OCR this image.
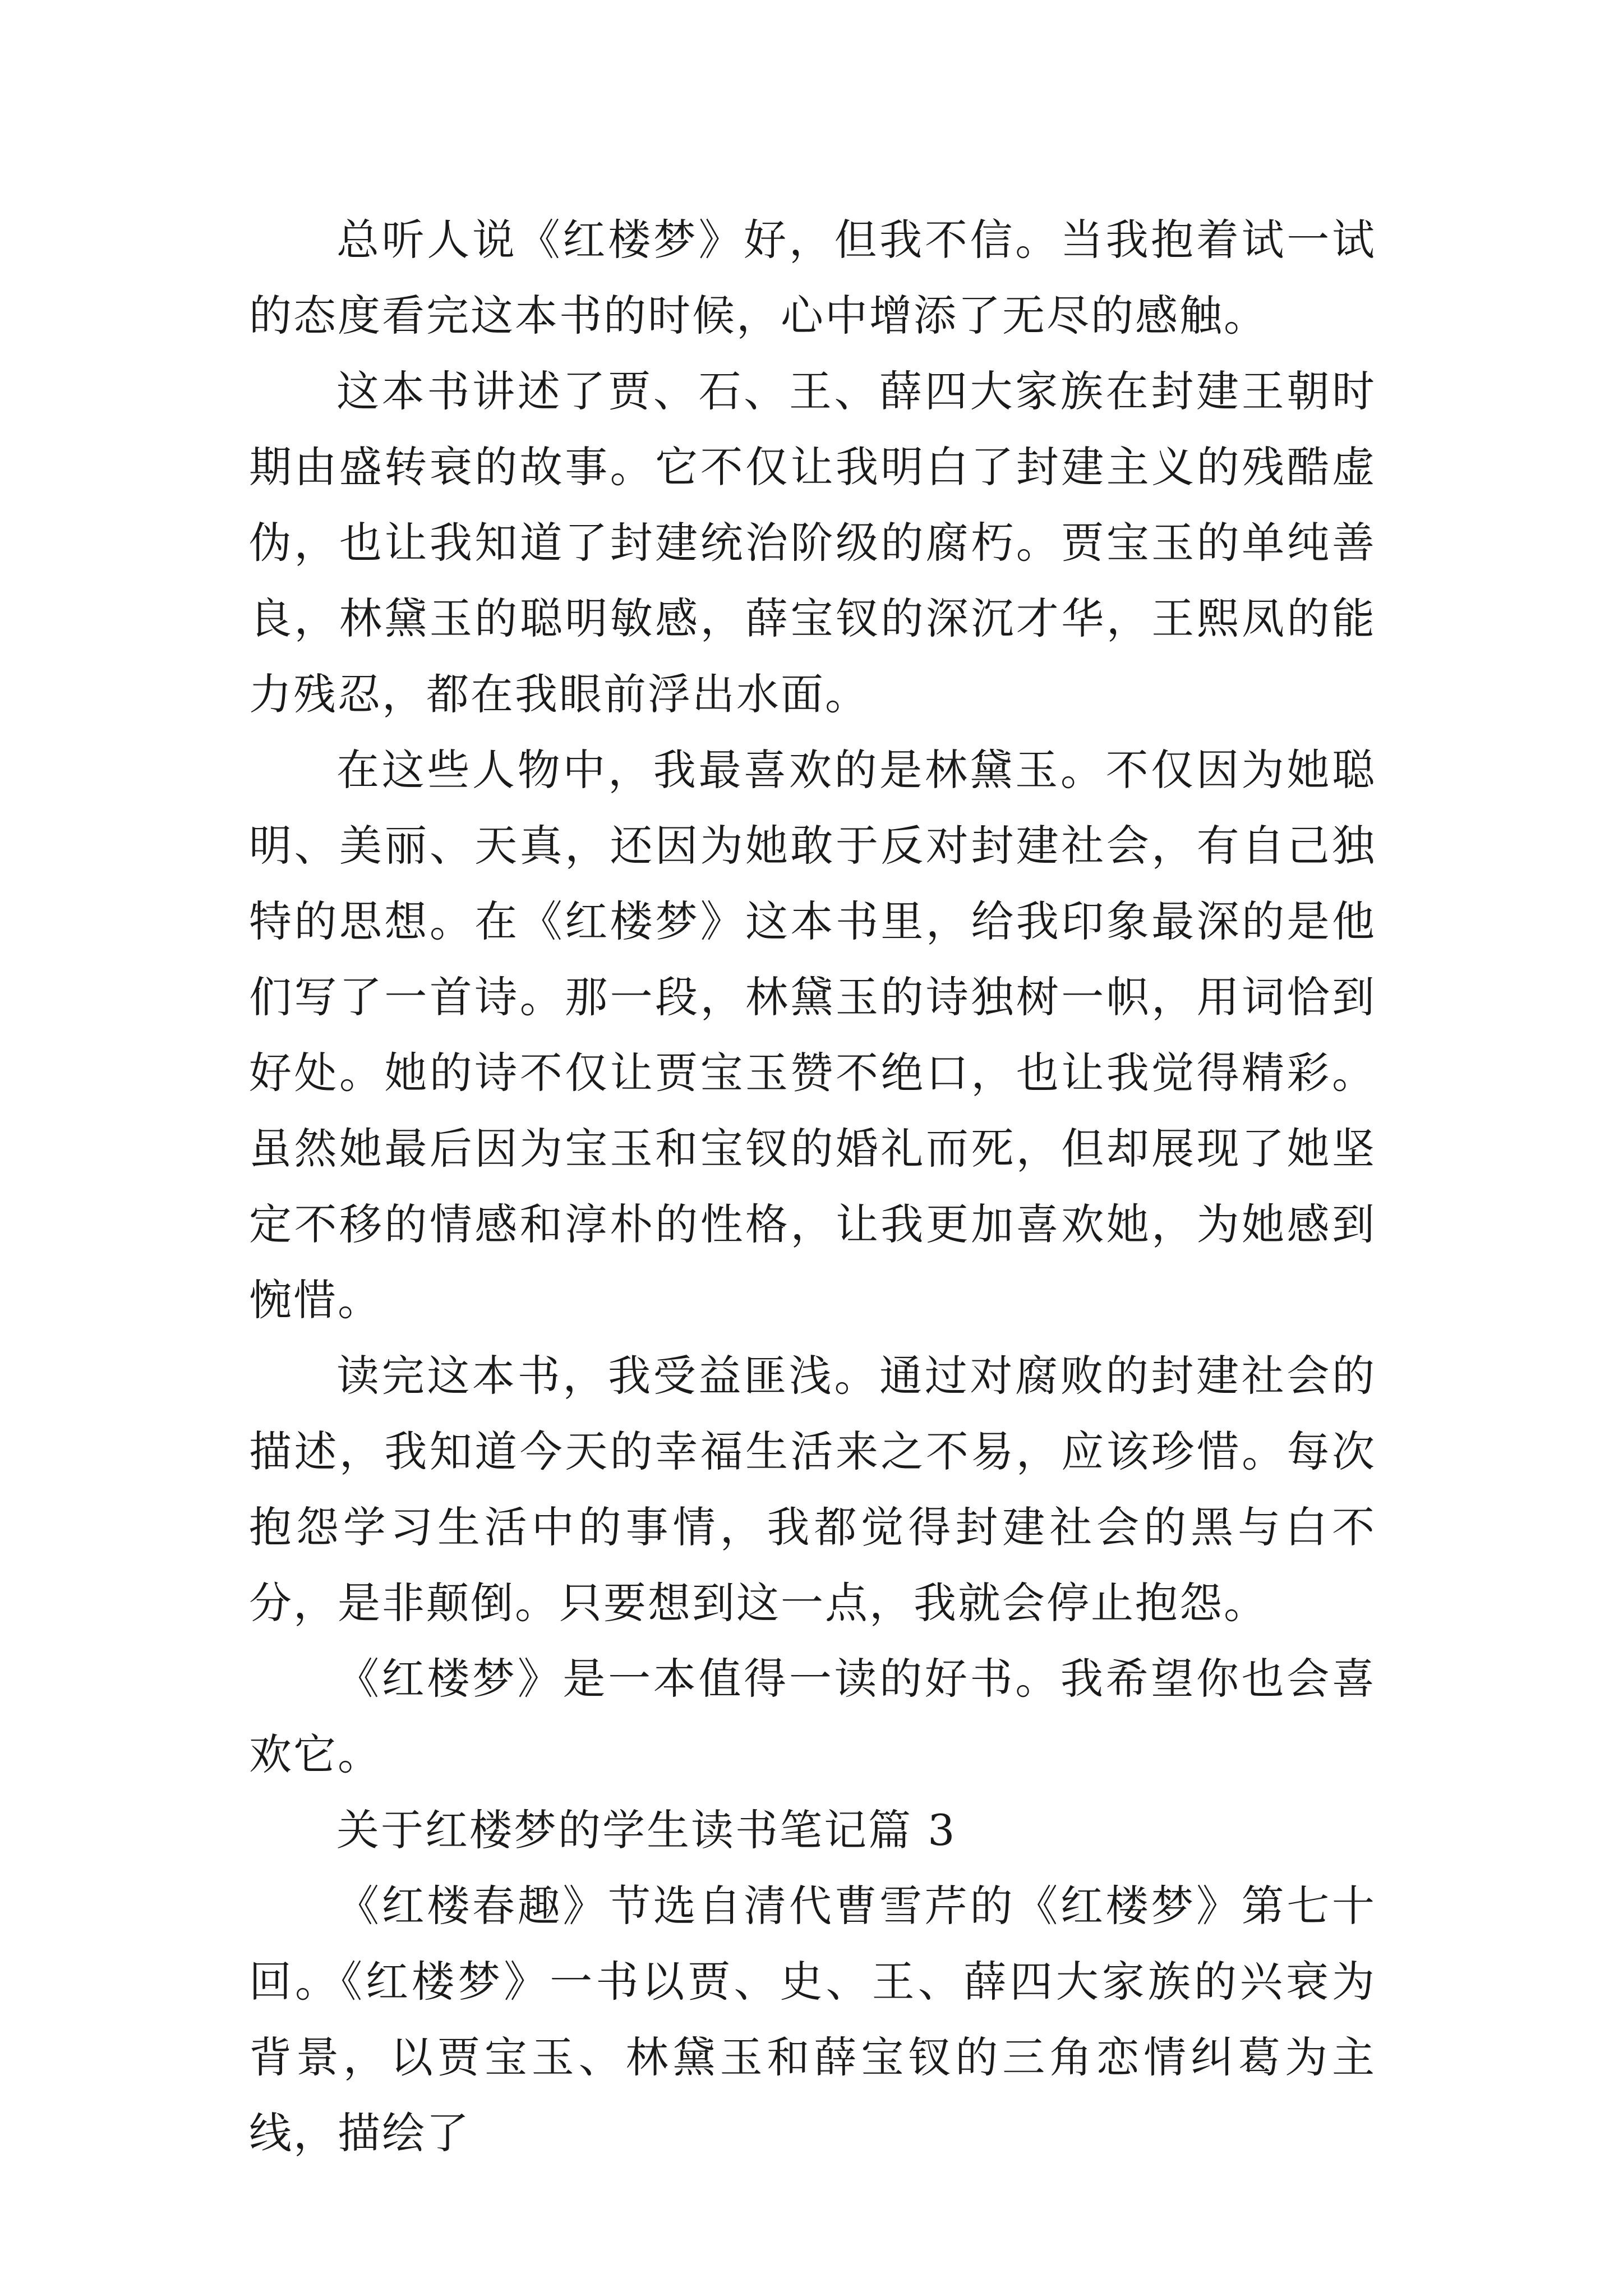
总听人说《红楼梦》好，但我不信。当我抱着试一试的态度看完这本书的时候，心中增添了无尽的感触。

这本书讲述了贾、石、王、薛四大家族在封建王朝时期由盛转衰的故事。它不仅让我明白了封建主义的残酷虚伪，也让我知道了封建统治阶级的腐朽。贾宝玉的单纯善良，林黛玉的聪明敏感，薛宝钗的深沉才华，王熙凤的能力残忍，都在我眼前浮出水面。

在这些人物中，我最喜欢的是林黛玉。不仅因为她聪明、美丽、天真，还因为她敢于反对封建社会，有自己独特的思想。在《红楼梦》这本书里，给我印象最深的是他们写了一首诗。那一段，林黛玉的诗独树一帜，用词恰到好处。她的诗不仅让贾宝玉赞不绝口，也让我觉得精彩。虽然她最后因为宝玉和宝钗的婚礼而死，但却展现了她坚定不移的情感和淳朴的性格，让我更加喜欢她，为她感到惋惜。

读完这本书，我受益匪浅。通过对腐败的封建社会的描述，我知道今天的幸福生活来之不易，应该珍惜。每次抱怨学习生活中的事情，我都觉得封建社会的黑与白不分，是非颠倒。只要想到这一点，我就会停止抱怨。

《红楼梦》是一本值得一读的好书。我希望你也会喜欢它。

关于红楼梦的学生读书笔记篇 3

《红楼春趣》节选自清代曹雪芹的《红楼梦》第七十回。《红楼梦》一书以贾、史、王、薛四大家族的兴衰为背景，以贾宝玉、林黛玉和薛宝钗的三角恋情纠葛为主线，描绘了
